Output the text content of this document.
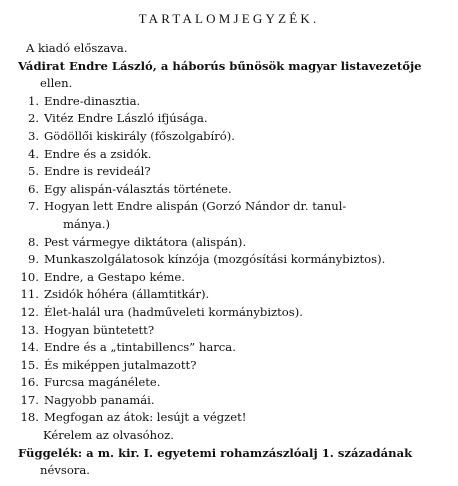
TARTALOMJEGYZÉK.
A kiadó előszava.
Vádirat Endre László, a háborús bűnösök magyar listavezetője
ellen.
1. Endre-dinasztia.
2. Vitéz Endre László ifjúsága.
3. Gödöllői kiskirály (főszolgabíró).
4. Endre és a zsidók.
5. Endre is revideál?
6. Egy alispán-választás története.
7. Hogyan lett Endre alispán (Gorzó Nándor dr. tanul-
mánya.)
8. Pest vármegye diktátora (alispán).
9. Munkaszolgálatosok kínzója (mozgósítási kormánybiztos).
10. Endre, a Gestapo kéme.
11. Zsidók hóhéra (államtitkár).
12. Élet-halál ura (hadműveleti kormánybiztos).
13. Hogyan büntetett?
14. Endre és a „tintabillencs” harca.
15. És miképpen jutalmazott?
16. Furcsa magánélete.
17. Nagyobb panamái.
18. Megfogan az átok: lesújt a végzet!
Kérelem az olvasóhoz.
Függelék: a m. kir. I. egyetemi rohamzászlóalj 1. századának
névsora.
